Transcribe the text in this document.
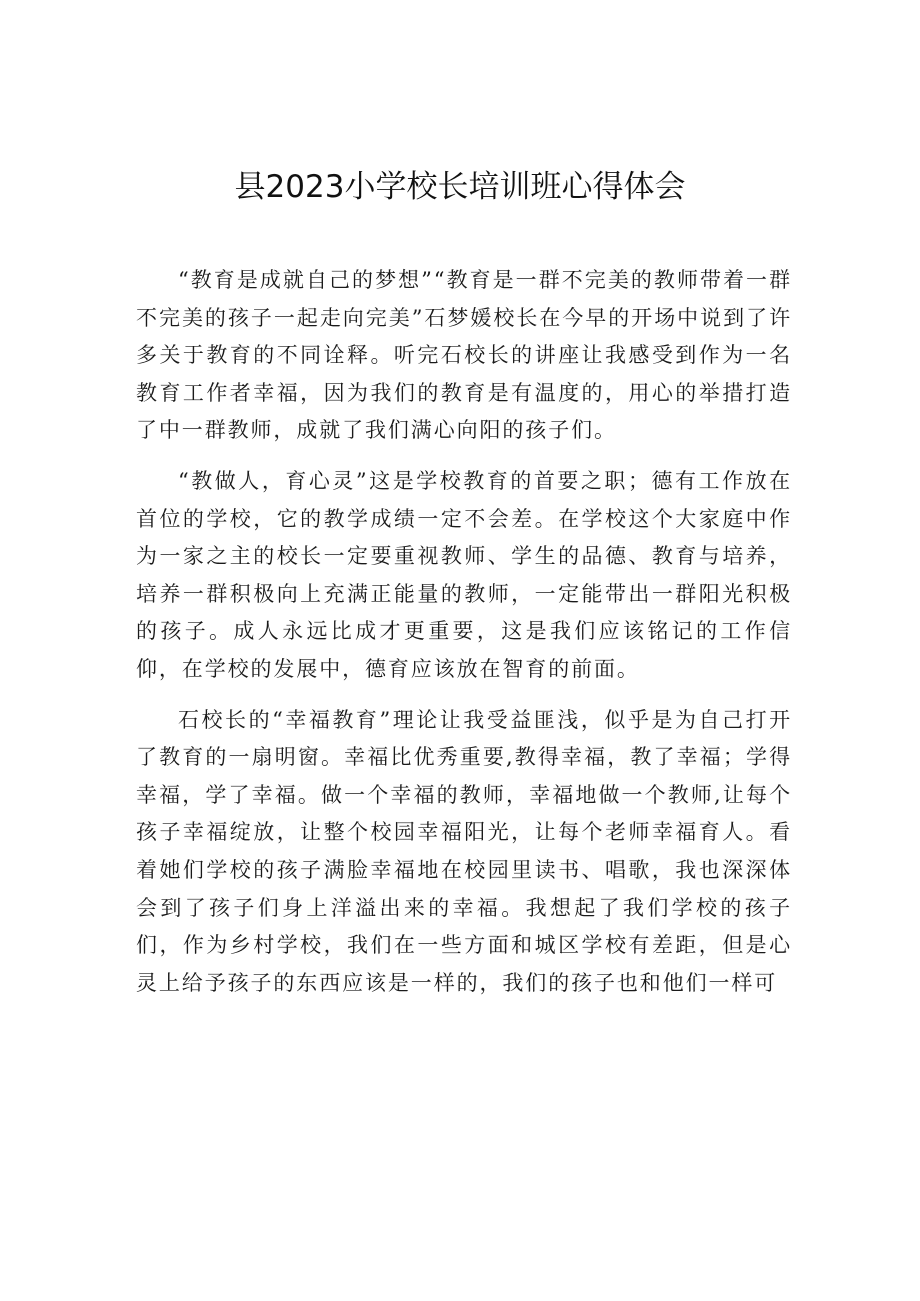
县2023小学校长培训班心得体会

“教育是成就自己的梦想”“教育是一群不完美的教师带着一群不完美的孩子一起走向完美”石梦媛校长在今早的开场中说到了许多关于教育的不同诠释。听完石校长的讲座让我感受到作为一名教育工作者幸福，因为我们的教育是有温度的，用心的举措打造了中一群教师，成就了我们满心向阳的孩子们。

“教做人，育心灵”这是学校教育的首要之职；德有工作放在首位的学校，它的教学成绩一定不会差。在学校这个大家庭中作为一家之主的校长一定要重视教师、学生的品德、教育与培养，培养一群积极向上充满正能量的教师，一定能带出一群阳光积极的孩子。成人永远比成才更重要，这是我们应该铭记的工作信仰，在学校的发展中，德育应该放在智育的前面。

石校长的“幸福教育”理论让我受益匪浅，似乎是为自己打开了教育的一扇明窗。幸福比优秀重要,教得幸福，教了幸福；学得幸福，学了幸福。做一个幸福的教师，幸福地做一个教师,让每个孩子幸福绽放，让整个校园幸福阳光，让每个老师幸福育人。看着她们学校的孩子满脸幸福地在校园里读书、唱歌，我也深深体会到了孩子们身上洋溢出来的幸福。我想起了我们学校的孩子们，作为乡村学校，我们在一些方面和城区学校有差距，但是心灵上给予孩子的东西应该是一样的，我们的孩子也和他们一样可
